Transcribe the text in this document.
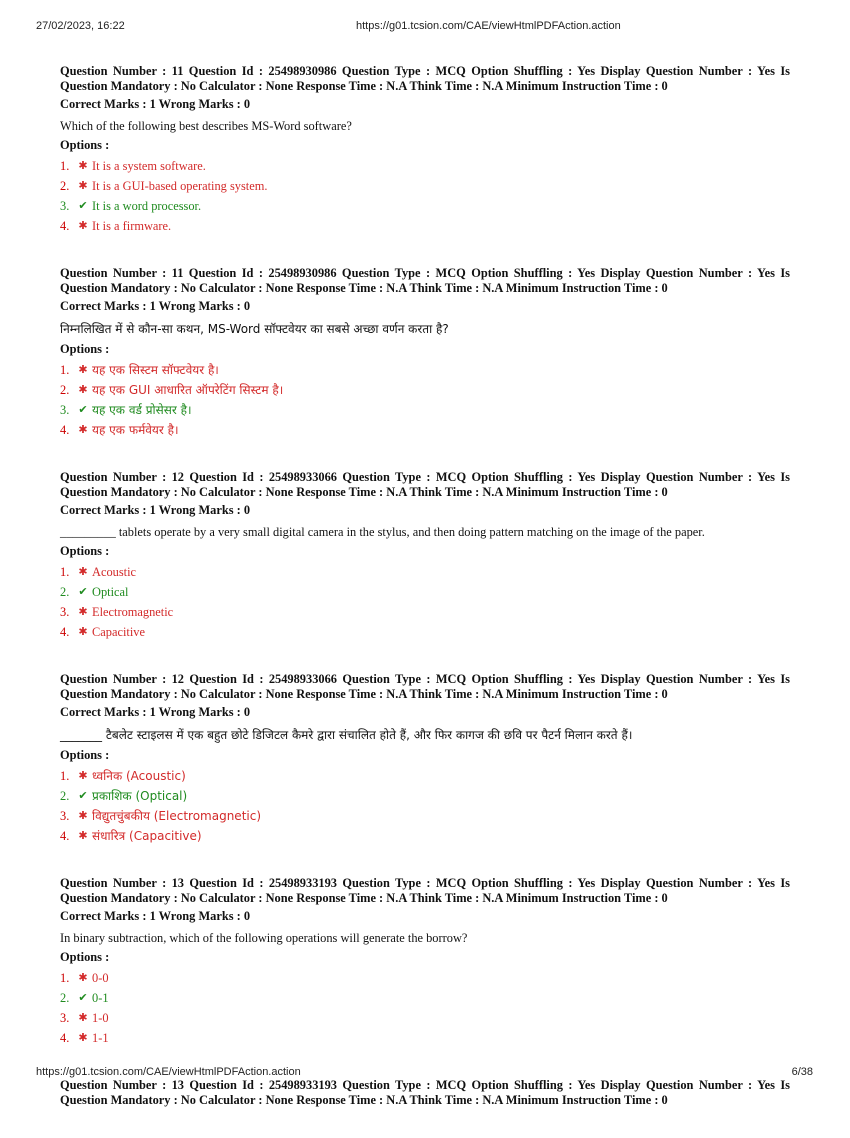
27/02/2023, 16:22	https://g01.tcsion.com/CAE/viewHtmlPDFAction.action
Question Number : 11 Question Id : 25498930986 Question Type : MCQ Option Shuffling : Yes Display Question Number : Yes Is Question Mandatory : No Calculator : None Response Time : N.A Think Time : N.A Minimum Instruction Time : 0
Correct Marks : 1 Wrong Marks : 0
Which of the following best describes MS-Word software?
Options :
1. ✱ It is a system software.
2. ✱ It is a GUI-based operating system.
3. ✔ It is a word processor.
4. ✱ It is a firmware.
Question Number : 11 Question Id : 25498930986 Question Type : MCQ Option Shuffling : Yes Display Question Number : Yes Is Question Mandatory : No Calculator : None Response Time : N.A Think Time : N.A Minimum Instruction Time : 0
Correct Marks : 1 Wrong Marks : 0
निम्नलिखित में से कौन-सा कथन, MS-Word सॉफ्टवेयर का सबसे अच्छा वर्णन करता है?
Options :
1. ✱ यह एक सिस्टम सॉफ्टवेयर है।
2. ✱ यह एक GUI आधारित ऑपरेटिंग सिस्टम है।
3. ✔ यह एक वर्ड प्रोसेसर है।
4. ✱ यह एक फर्मवेयर है।
Question Number : 12 Question Id : 25498933066 Question Type : MCQ Option Shuffling : Yes Display Question Number : Yes Is Question Mandatory : No Calculator : None Response Time : N.A Think Time : N.A Minimum Instruction Time : 0
Correct Marks : 1 Wrong Marks : 0
_________ tablets operate by a very small digital camera in the stylus, and then doing pattern matching on the image of the paper.
Options :
1. ✱ Acoustic
2. ✔ Optical
3. ✱ Electromagnetic
4. ✱ Capacitive
Question Number : 12 Question Id : 25498933066 Question Type : MCQ Option Shuffling : Yes Display Question Number : Yes Is Question Mandatory : No Calculator : None Response Time : N.A Think Time : N.A Minimum Instruction Time : 0
Correct Marks : 1 Wrong Marks : 0
_______ टैबलेट स्टाइलस में एक बहुत छोटे डिजिटल कैमरे द्वारा संचालित होते हैं, और फिर कागज की छवि पर पैटर्न मिलान करते हैं।
Options :
1. ✱ ध्वनिक (Acoustic)
2. ✔ प्रकाशिक (Optical)
3. ✱ विद्युतचुंबकीय (Electromagnetic)
4. ✱ संधारित्र (Capacitive)
Question Number : 13 Question Id : 25498933193 Question Type : MCQ Option Shuffling : Yes Display Question Number : Yes Is Question Mandatory : No Calculator : None Response Time : N.A Think Time : N.A Minimum Instruction Time : 0
Correct Marks : 1 Wrong Marks : 0
In binary subtraction, which of the following operations will generate the borrow?
Options :
1. ✱ 0-0
2. ✔ 0-1
3. ✱ 1-0
4. ✱ 1-1
Question Number : 13 Question Id : 25498933193 Question Type : MCQ Option Shuffling : Yes Display Question Number : Yes Is Question Mandatory : No Calculator : None Response Time : N.A Think Time : N.A Minimum Instruction Time : 0
https://g01.tcsion.com/CAE/viewHtmlPDFAction.action	6/38
